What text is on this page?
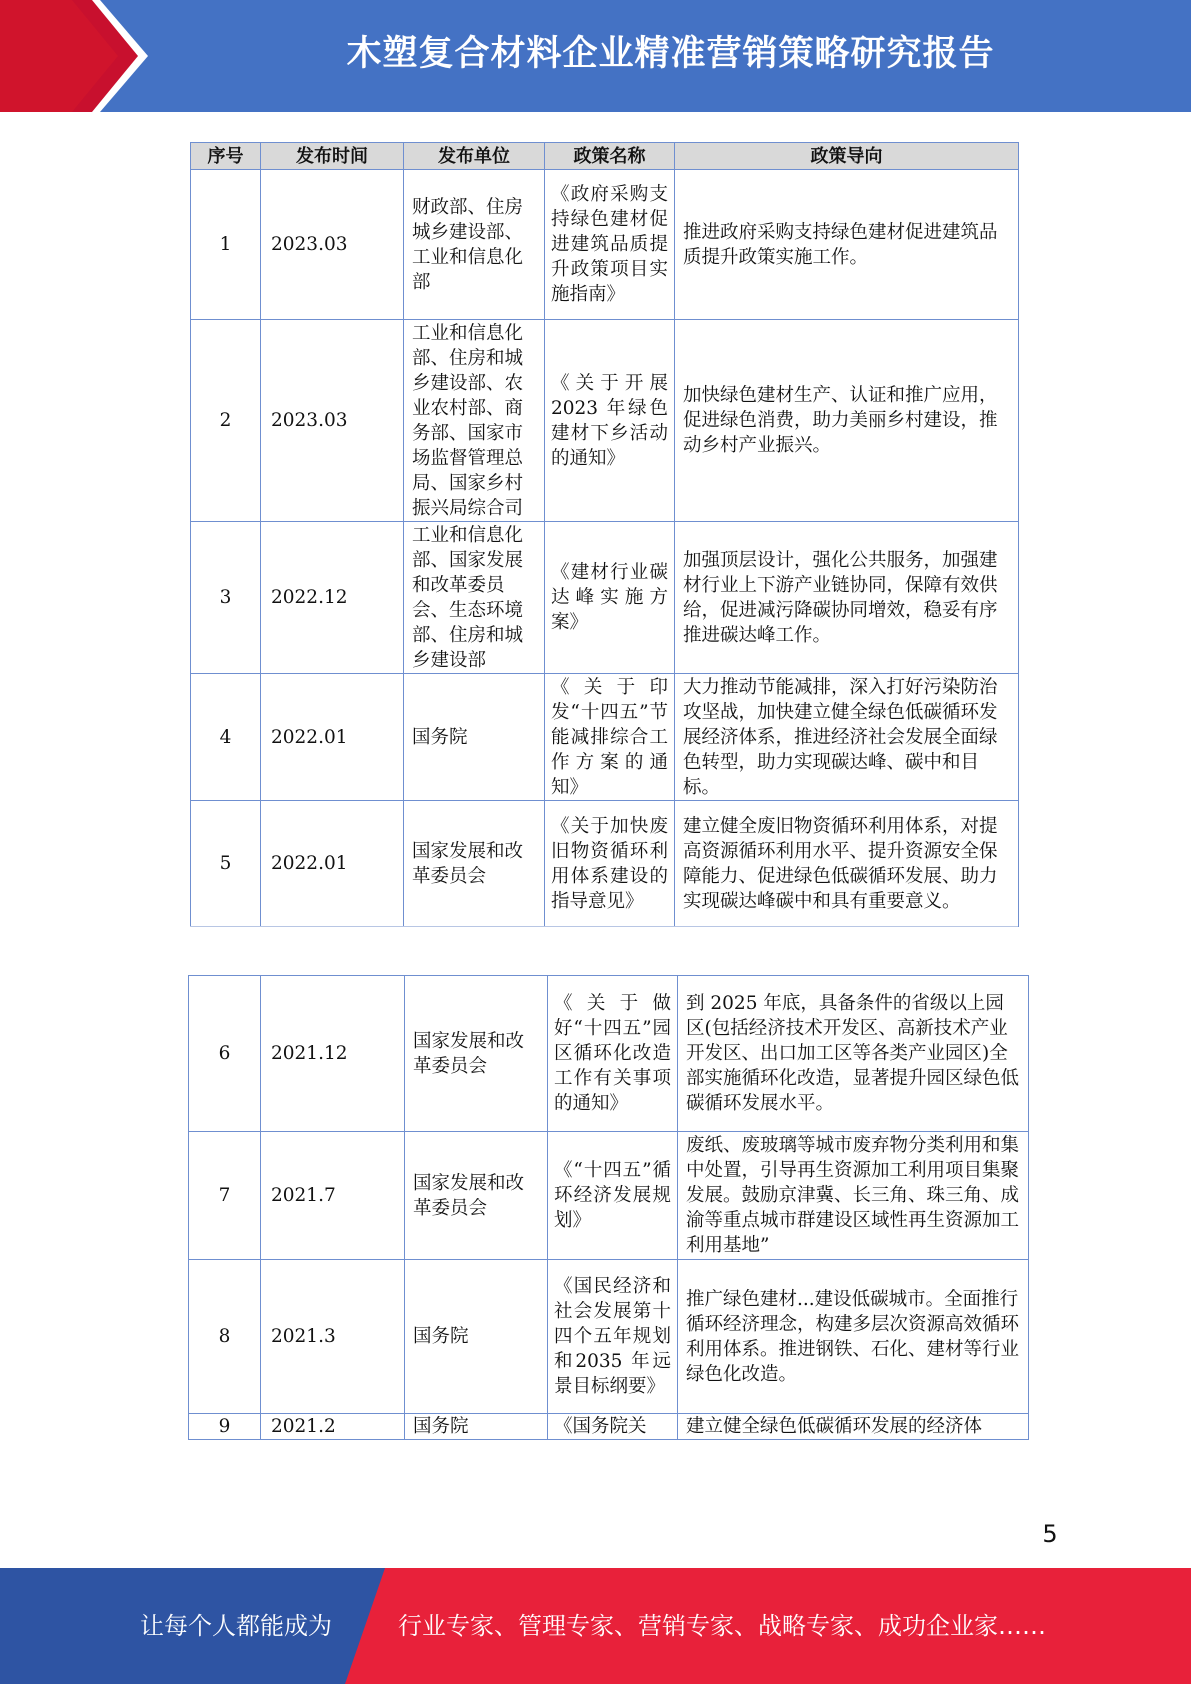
木塑复合材料企业精准营销策略研究报告
序号	发布时间	发布单位	政策名称	政策导向
1	2023.03	财政部、住房城乡建设部、工业和信息化部	《政府采购支持绿色建材促进建筑品质提升政策项目实施指南》	推进政府采购支持绿色建材促进建筑品质提升政策实施工作。
2	2023.03	工业和信息化部、住房和城乡建设部、农业农村部、商务部、国家市场监督管理总局、国家乡村振兴局综合司	《关于开展2023 年绿色建材下乡活动的通知》	加快绿色建材生产、认证和推广应用，促进绿色消费，助力美丽乡村建设，推动乡村产业振兴。
3	2022.12	工业和信息化部、国家发展和改革委员会、生态环境部、住房和城乡建设部	《建材行业碳达峰实施方案》	加强顶层设计，强化公共服务，加强建材行业上下游产业链协同，保障有效供给，促进减污降碳协同增效，稳妥有序推进碳达峰工作。
4	2022.01	国务院	《关于印发“十四五”节能减排综合工作方案的通知》	大力推动节能减排，深入打好污染防治攻坚战，加快建立健全绿色低碳循环发展经济体系，推进经济社会发展全面绿色转型，助力实现碳达峰、碳中和目标。
5	2022.01	国家发展和改革委员会	《关于加快废旧物资循环利用体系建设的指导意见》	建立健全废旧物资循环利用体系，对提高资源循环利用水平、提升资源安全保障能力、促进绿色低碳循环发展、助力实现碳达峰碳中和具有重要意义。
6	2021.12	国家发展和改革委员会	《关于做好“十四五”园区循环化改造工作有关事项的通知》	到 2025 年底，具备条件的省级以上园区(包括经济技术开发区、高新技术产业开发区、出口加工区等各类产业园区)全部实施循环化改造，显著提升园区绿色低碳循环发展水平。
7	2021.7	国家发展和改革委员会	《“十四五”循环经济发展规划》	废纸、废玻璃等城市废弃物分类利用和集中处置，引导再生资源加工利用项目集聚发展。鼓励京津冀、长三角、珠三角、成渝等重点城市群建设区域性再生资源加工利用基地”
8	2021.3	国务院	《国民经济和社会发展第十四个五年规划和2035 年远景目标纲要》	推广绿色建材...建设低碳城市。全面推行循环经济理念，构建多层次资源高效循环利用体系。推进钢铁、石化、建材等行业绿色化改造。
9	2021.2	国务院	《国务院关	建立健全绿色低碳循环发展的经济体
5
让每个人都能成为	行业专家、管理专家、营销专家、战略专家、成功企业家……
